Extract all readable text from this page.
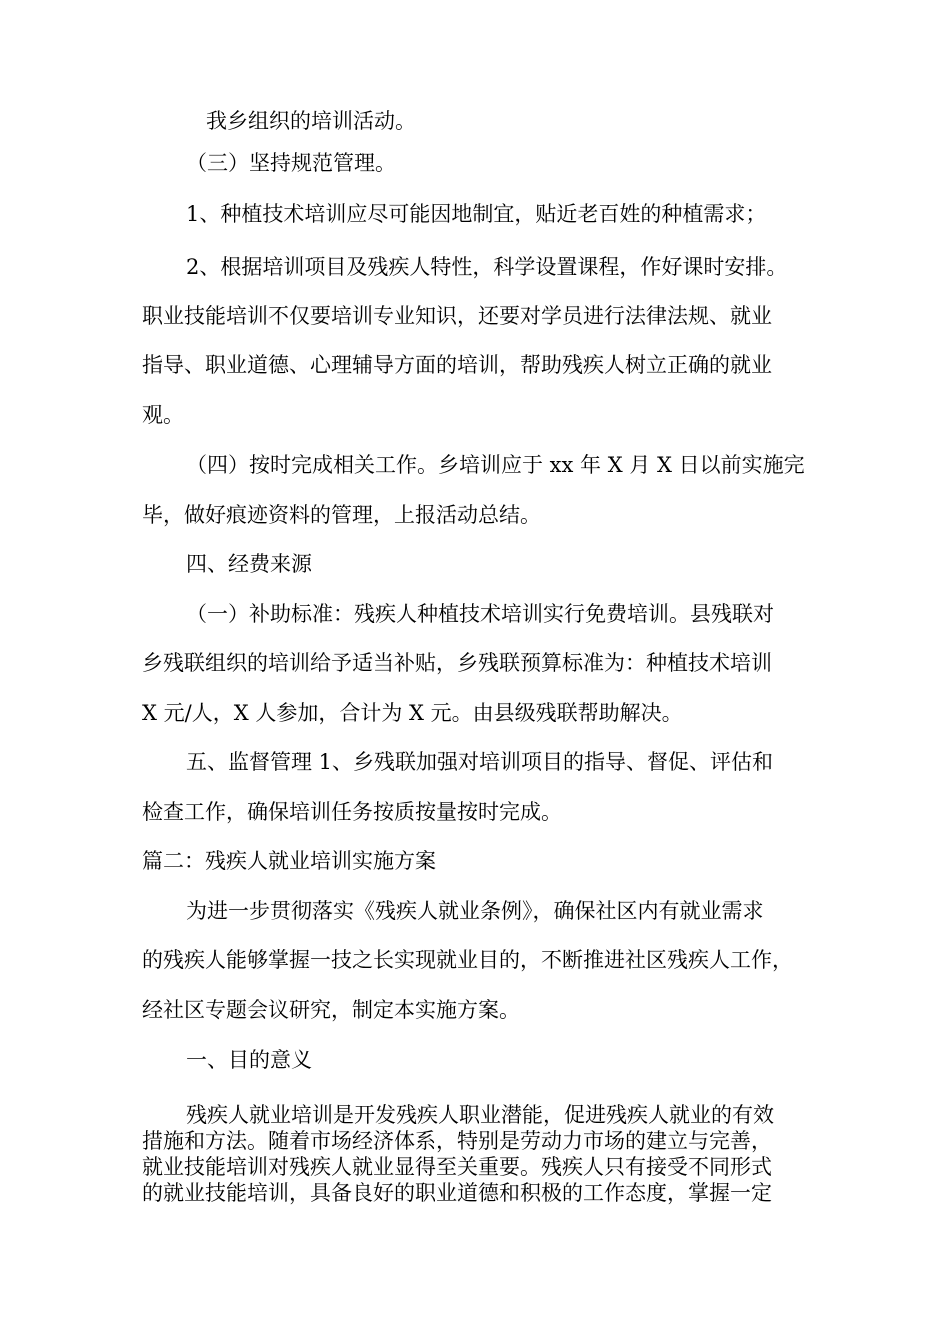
我乡组织的培训活动。

（三）坚持规范管理。

1、种植技术培训应尽可能因地制宜，贴近老百姓的种植需求；

2、根据培训项目及残疾人特性，科学设置课程，作好课时安排。

职业技能培训不仅要培训专业知识，还要对学员进行法律法规、就业

指导、职业道德、心理辅导方面的培训，帮助残疾人树立正确的就业

观。

（四）按时完成相关工作。乡培训应于 xx 年 X 月 X 日以前实施完

毕，做好痕迹资料的管理，上报活动总结。

四、经费来源

（一）补助标准：残疾人种植技术培训实行免费培训。县残联对

乡残联组织的培训给予适当补贴，乡残联预算标准为：种植技术培训

X 元/人，X 人参加，合计为 X 元。由县级残联帮助解决。

五、监督管理 1、乡残联加强对培训项目的指导、督促、评估和

检查工作，确保培训任务按质按量按时完成。

篇二：残疾人就业培训实施方案

为进一步贯彻落实《残疾人就业条例》，确保社区内有就业需求

的残疾人能够掌握一技之长实现就业目的，不断推进社区残疾人工作，

经社区专题会议研究，制定本实施方案。

一、目的意义

残疾人就业培训是开发残疾人职业潜能，促进残疾人就业的有效

措施和方法。随着市场经济体系，特别是劳动力市场的建立与完善，

就业技能培训对残疾人就业显得至关重要。残疾人只有接受不同形式

的就业技能培训，具备良好的职业道德和积极的工作态度，掌握一定
